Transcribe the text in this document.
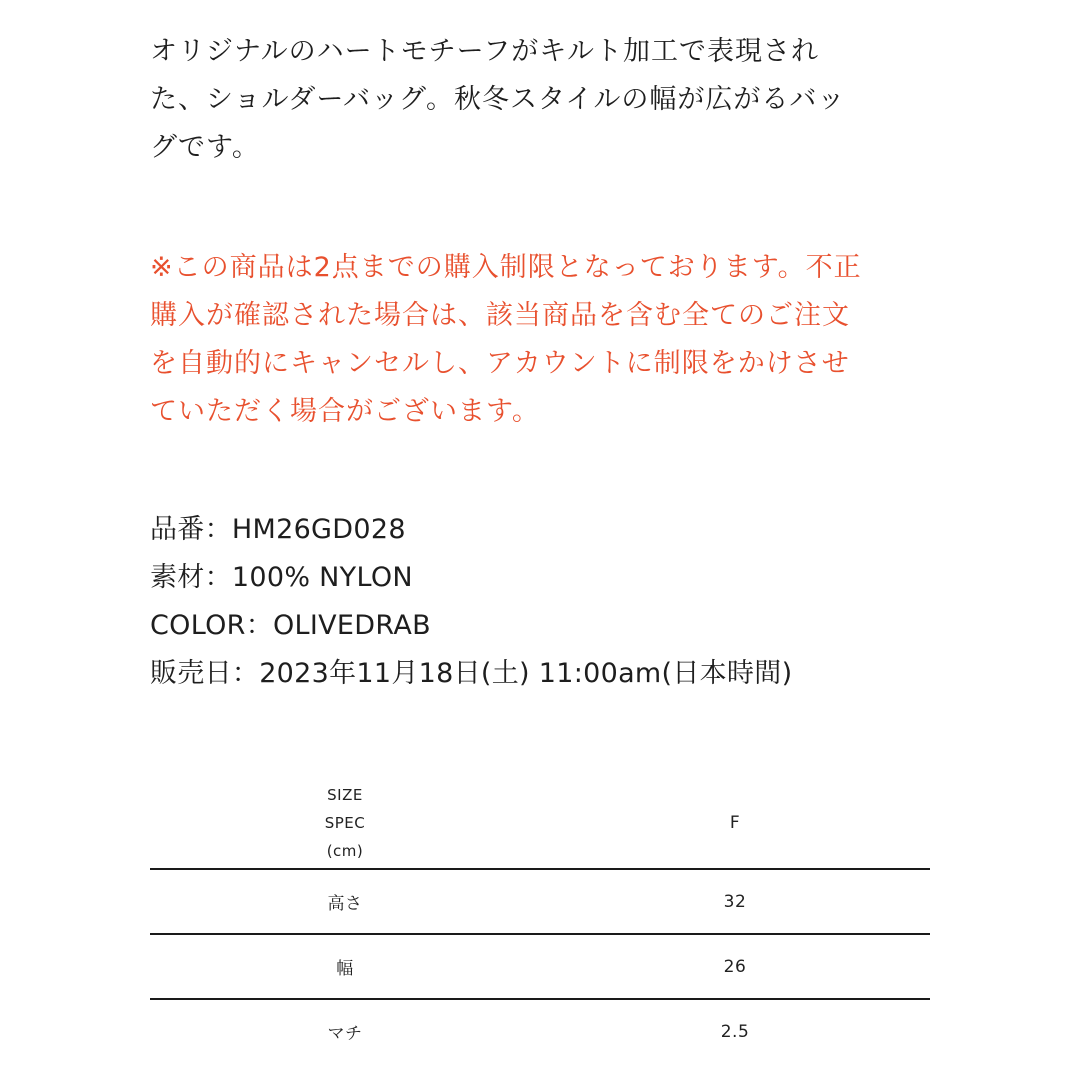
オリジナルのハートモチーフがキルト加工で表現され
た、ショルダーバッグ。秋冬スタイルの幅が広がるバッ
グです。
※この商品は2点までの購入制限となっております。不正
購入が確認された場合は、該当商品を含む全てのご注文
を自動的にキャンセルし、アカウントに制限をかけさせ
ていただく場合がございます。
品番：HM26GD028
素材：100% NYLON
COLOR：OLIVEDRAB
販売日：2023年11月18日(土) 11:00am(日本時間)
SIZE
SPEC
(cm)	F
高さ	32
幅	26
マチ	2.5
